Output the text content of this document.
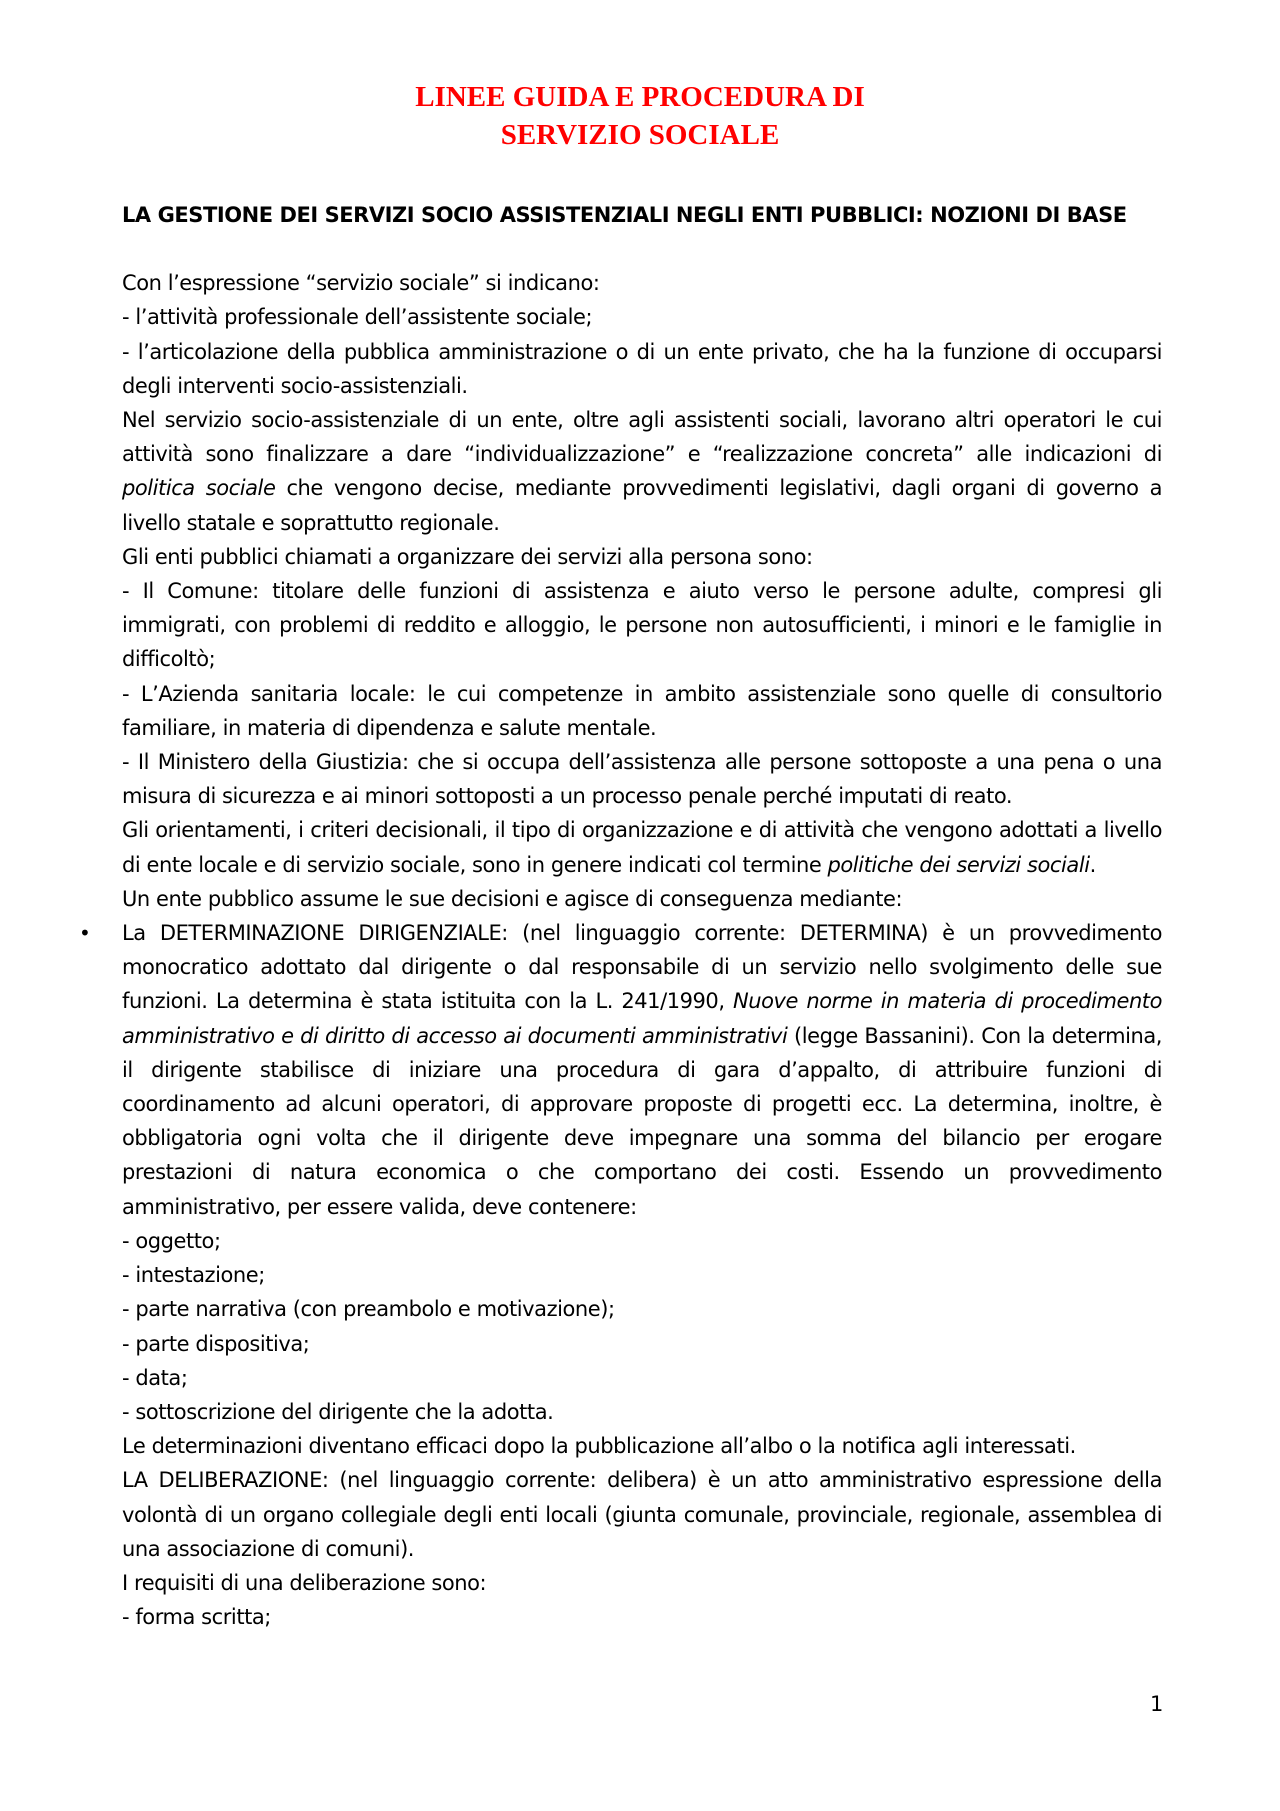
LINEE GUIDA E PROCEDURA DI
SERVIZIO SOCIALE
LA GESTIONE DEI SERVIZI SOCIO ASSISTENZIALI NEGLI ENTI PUBBLICI: NOZIONI DI BASE

Con l’espressione “servizio sociale” si indicano:

- l’attività professionale dell’assistente sociale;

- l’articolazione della pubblica amministrazione o di un ente privato, che ha la funzione di occuparsi degli interventi socio-assistenziali.

Nel servizio socio-assistenziale di un ente, oltre agli assistenti sociali, lavorano altri operatori le cui attività sono finalizzare a dare “individualizzazione” e “realizzazione concreta” alle indicazioni di politica sociale che vengono decise, mediante provvedimenti legislativi, dagli organi di governo a livello statale e soprattutto regionale.

Gli enti pubblici chiamati a organizzare dei servizi alla persona sono:

- Il Comune: titolare delle funzioni di assistenza e aiuto verso le persone adulte, compresi gli immigrati, con problemi di reddito e alloggio, le persone non autosufficienti, i minori e le famiglie in difficoltò;

- L’Azienda sanitaria locale: le cui competenze in ambito assistenziale sono quelle di consultorio familiare, in materia di dipendenza e salute mentale.

- Il Ministero della Giustizia: che si occupa dell’assistenza alle persone sottoposte a una pena o una misura di sicurezza e ai minori sottoposti a un processo penale perché imputati di reato.

Gli orientamenti, i criteri decisionali, il tipo di organizzazione e di attività che vengono adottati a livello di ente locale e di servizio sociale, sono in genere indicati col termine politiche dei servizi sociali.

Un ente pubblico assume le sue decisioni e agisce di conseguenza mediante:

• La DETERMINAZIONE DIRIGENZIALE: (nel linguaggio corrente: DETERMINA) è un provvedimento monocratico adottato dal dirigente o dal responsabile di un servizio nello svolgimento delle sue funzioni. La determina è stata istituita con la L. 241/1990, Nuove norme in materia di procedimento amministrativo e di diritto di accesso ai documenti amministrativi (legge Bassanini). Con la determina, il dirigente stabilisce di iniziare una procedura di gara d’appalto, di attribuire funzioni di coordinamento ad alcuni operatori, di approvare proposte di progetti ecc. La determina, inoltre, è obbligatoria ogni volta che il dirigente deve impegnare una somma del bilancio per erogare prestazioni di natura economica o che comportano dei costi. Essendo un provvedimento amministrativo, per essere valida, deve contenere:

- oggetto;

- intestazione;

- parte narrativa (con preambolo e motivazione);

- parte dispositiva;

- data;

- sottoscrizione del dirigente che la adotta.

Le determinazioni diventano efficaci dopo la pubblicazione all’albo o la notifica agli interessati.

LA DELIBERAZIONE: (nel linguaggio corrente: delibera) è un atto amministrativo espressione della volontà di un organo collegiale degli enti locali (giunta comunale, provinciale, regionale, assemblea di una associazione di comuni).

I requisiti di una deliberazione sono:

- forma scritta;

1
